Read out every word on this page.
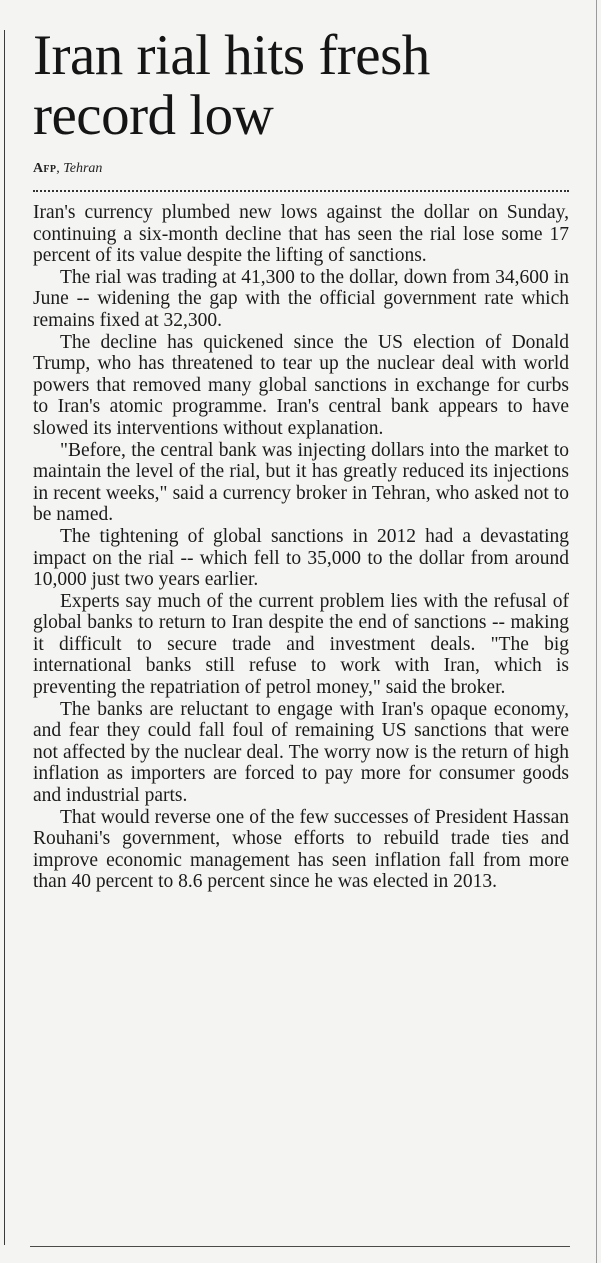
Iran rial hits fresh record low
Afp, Tehran

Iran's currency plumbed new lows against the dollar on Sunday, continuing a six-month decline that has seen the rial lose some 17 percent of its value despite the lifting of sanctions.

The rial was trading at 41,300 to the dollar, down from 34,600 in June -- widening the gap with the official government rate which remains fixed at 32,300.

The decline has quickened since the US election of Donald Trump, who has threatened to tear up the nuclear deal with world powers that removed many global sanctions in exchange for curbs to Iran's atomic programme. Iran's central bank appears to have slowed its interventions without explanation.

"Before, the central bank was injecting dollars into the market to maintain the level of the rial, but it has greatly reduced its injections in recent weeks," said a currency broker in Tehran, who asked not to be named.

The tightening of global sanctions in 2012 had a devastating impact on the rial -- which fell to 35,000 to the dollar from around 10,000 just two years earlier.

Experts say much of the current problem lies with the refusal of global banks to return to Iran despite the end of sanctions -- making it difficult to secure trade and investment deals. "The big international banks still refuse to work with Iran, which is preventing the repatriation of petrol money," said the broker.

The banks are reluctant to engage with Iran's opaque economy, and fear they could fall foul of remaining US sanctions that were not affected by the nuclear deal. The worry now is the return of high inflation as importers are forced to pay more for consumer goods and industrial parts.

That would reverse one of the few successes of President Hassan Rouhani's government, whose efforts to rebuild trade ties and improve economic management has seen inflation fall from more than 40 percent to 8.6 percent since he was elected in 2013.
